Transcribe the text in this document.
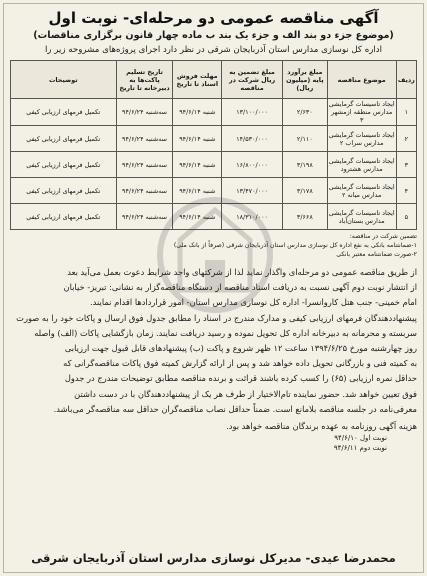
آگهی مناقصه عمومی دو مرحله‌ای- نوبت اول
(موضوع جزء دو بند الف و جزء یک بند ب ماده چهار قانون برگزاری مناقصات)
اداره کل نوسازی مدارس استان آذربایجان شرقی در نظر دارد اجرای پروژه‌های مشروحه زیر را
ردیف	موضوع مناقصه	مبلغ برآورد پایه (میلیون ریال)	مبلغ تضمین به ریال شرکت در مناقصه	مهلت فروش اسناد تا تاریخ	تاریخ تسلیم پاکت‌ها به دبیرخانه تا تاریخ	توضیحات
۱	ایجاد تاسیسات گرمایشی مدارس منطقه ازمشهر ۳	۲/۶۳۰	۱۳/۱۰۰/۰۰۰	شنبه ۹۴/۶/۱۴	سه‌شنبه ۹۴/۶/۲۴	تکمیل فرمهای ارزیابی کیفی
۲	ایجاد تاسیسات گرمایشی مدارس سراب ۲	۲/۱۱۰	۱۴/۵۳۰/۰۰۰	شنبه ۹۴/۶/۱۴	سه‌شنبه ۹۴/۶/۲۴	تکمیل فرمهای ارزیابی کیفی
۳	ایجاد تاسیسات گرمایشی مدارس هشترود	۳/۱۹۸	۱۶/۸۰۰/۰۰۰	شنبه ۹۴/۶/۱۴	سه‌شنبه ۹۴/۶/۲۴	تکمیل فرمهای ارزیابی کیفی
۴	ایجاد تاسیسات گرمایشی مدارس میانه ۲	۳/۱۷۸	۱۳/۴۷۰/۰۰۰	شنبه ۹۴/۶/۱۴	سه‌شنبه ۹۴/۶/۲۴	تکمیل فرمهای ارزیابی کیفی
۵	ایجاد تاسیسات گرمایشی مدارس بستان‌آباد	۳/۶۶۸	۱۸/۳۱۰/۰۰۰	شنبه ۹۴/۶/۱۴	سه‌شنبه ۹۴/۶/۲۴	تکمیل فرمهای ارزیابی کیفی
تضمین شرکت در مناقصه:
۱-ضمانتنامه بانکی به نفع اداره کل نوسازی مدارس استان آذربایجان شرقی (صرفاً از بانک ملی)
۲-صورت ضمانتنامه معتبر بانکی

از طریق مناقصه عمومی دو مرحله‌ای واگذار نماید لذا از شرکتهای واجد شرایط دعوت بعمل می‌آید بعد

از انتشار نوبت دوم آگهی نسبت به دریافت اسناد مناقصه از دستگاه مناقصه‌گزار به نشانی: تبریز- خیابان

امام خمینی- جنب هتل کاروانسرا- اداره کل نوسازی مدارس استان- امور قراردادها اقدام نمایند.

پیشنهاددهندگان فرمهای ارزیابی کیفی و مدارک مندرج در اسناد را مطابق جدول فوق ارسال و پاکات خود را به صورت

سربسته و محرمانه به دبیرخانه اداره کل تحویل نموده و رسید دریافت نمایند. زمان بازگشایی پاکات (الف) واصله

روز چهارشنبه مورخ ۱۳۹۴/۶/۲۵ ساعت ۱۲ ظهر شروع و پاکت (ب) پیشنهادهای قابل قبول جهت ارزیابی

به کمیته فنی و بازرگانی تحویل داده خواهد شد و پس از ارائه گزارش کمیته فوق پاکات مناقصه‌گرانی که

حداقل نمره ارزیابی (۶۵) را کسب کرده باشند قرائت و برنده مناقصه مطابق توضیحات مندرج در جدول

فوق تعیین خواهد شد. حضور نماینده تام‌الاختیار از طرف هر یک از پیشنهاددهندگان با در دست داشتن

معرفی‌نامه در جلسه مناقصه بلامانع است. ضمناً حداقل نصاب مناقصه‌گران حداقل سه مناقصه‌گر می‌باشد.

هزینه آگهی روزنامه به عهده برندگان مناقصه خواهد بود.
نوبت اول ۹۴/۶/۱۰
نوبت دوم ۹۴/۶/۱۱
محمدرضا عیدی- مدیرکل نوسازی مدارس استان آذربایجان شرقی
